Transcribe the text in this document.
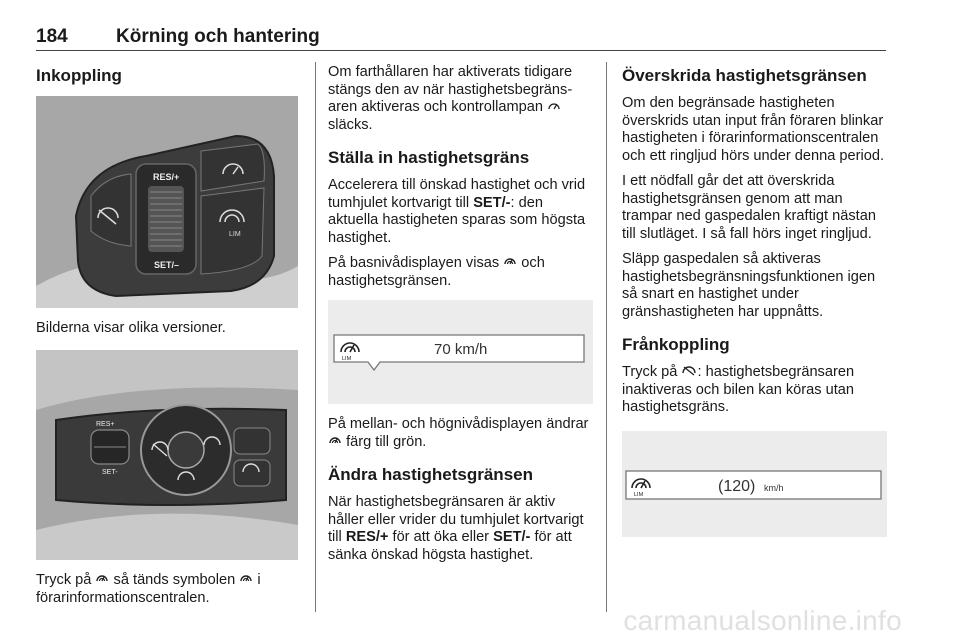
184	Körning och hantering
Inkoppling
RES/+
SET/–
LIM
Bilderna visar olika versioner.
RES+
SET-
Tryck på så tänds symbolen i förarinformationscentralen.

Om farthållaren har aktiverats tidigare stängs den av när hastighetsbegränsaren aktiveras och kontrollampan  släcks.

Ställa in hastighetsgräns

Accelerera till önskad hastighet och vrid tumhjulet kortvarigt till SET/-: den aktuella hastigheten sparas som högsta hastighet.

På basnivådisplayen visas och hastighetsgränsen.

LIM
70 km/h

På mellan- och högnivådisplayen ändrar  färg till grön.

Ändra hastighetsgränsen

När hastighetsbegränsaren är aktiv håller eller vrider du tumhjulet kortvarigt till RES/+ för att öka eller SET/- för att sänka önskad högsta hastighet.

Överskrida hastighetsgränsen

Om den begränsade hastigheten överskrids utan input från föraren blinkar hastigheten i förarinformationscentralen och ett ringljud hörs under denna period.

I ett nödfall går det att överskrida hastighetsgränsen genom att man trampar ned gaspedalen kraftigt nästan till slutläget. I så fall hörs inget ringljud.

Släpp gaspedalen så aktiveras hastighetsbegränsningsfunktionen igen så snart en hastighet under gränshastigheten har uppnåtts.

Frånkoppling

Tryck på : hastighetsbegränsaren inaktiveras och bilen kan köras utan hastighetsgräns.

LIM	(120) km/h
carmanualsonline.info
